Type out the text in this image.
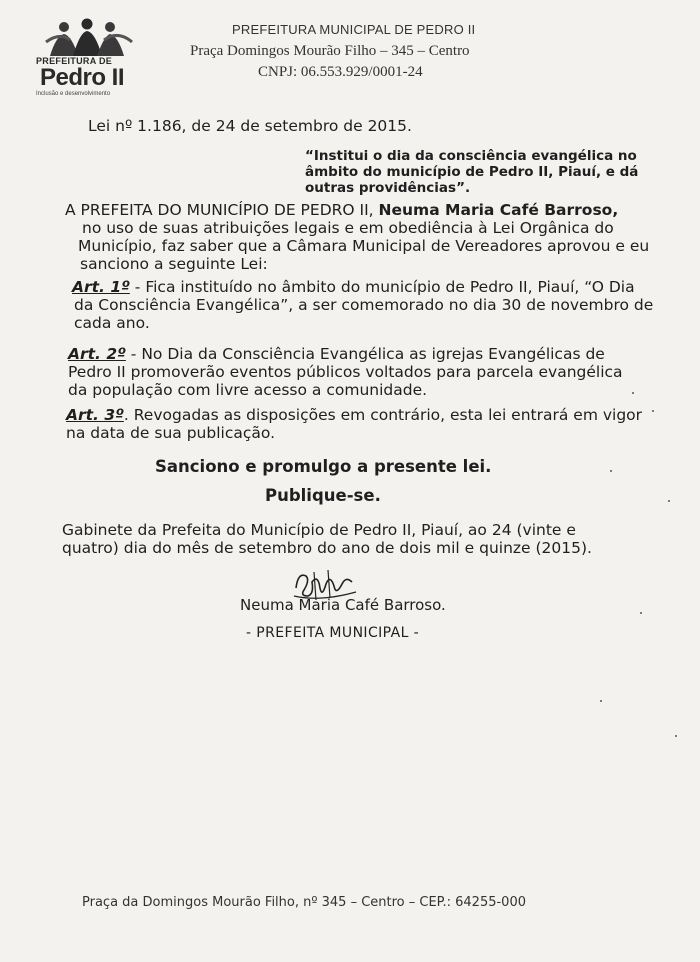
PREFEITURA DE
Pedro II
Inclusão e desenvolvimento
PREFEITURA MUNICIPAL DE PEDRO II
Praça Domingos Mourão Filho – 345 – Centro
CNPJ: 06.553.929/0001-24
Lei nº 1.186, de 24 de setembro de 2015.
“Institui o dia da consciência evangélica no
âmbito do município de Pedro II, Piauí, e dá
outras providências”.
A PREFEITA DO MUNICÍPIO DE PEDRO II, Neuma Maria Café Barroso,
no uso de suas atribuições legais e em obediência à Lei Orgânica do
Município, faz saber que a Câmara Municipal de Vereadores aprovou e eu
sanciono a seguinte Lei:
Art. 1º - Fica instituído no âmbito do município de Pedro II, Piauí, “O Dia
da Consciência Evangélica”, a ser comemorado no dia 30 de novembro de
cada ano.
Art. 2º - No Dia da Consciência Evangélica as igrejas Evangélicas de
Pedro II promoverão eventos públicos voltados para parcela evangélica
da população com livre acesso a comunidade.
Art. 3º. Revogadas as disposições em contrário, esta lei entrará em vigor
na data de sua publicação.
Sanciono e promulgo a presente lei.
Publique-se.
Gabinete da Prefeita do Município de Pedro II, Piauí, ao 24 (vinte e
quatro) dia do mês de setembro do ano de dois mil e quinze (2015).
Neuma Maria Café Barroso.
- PREFEITA MUNICIPAL -
Praça da Domingos Mourão Filho, nº 345 – Centro – CEP.: 64255-000
